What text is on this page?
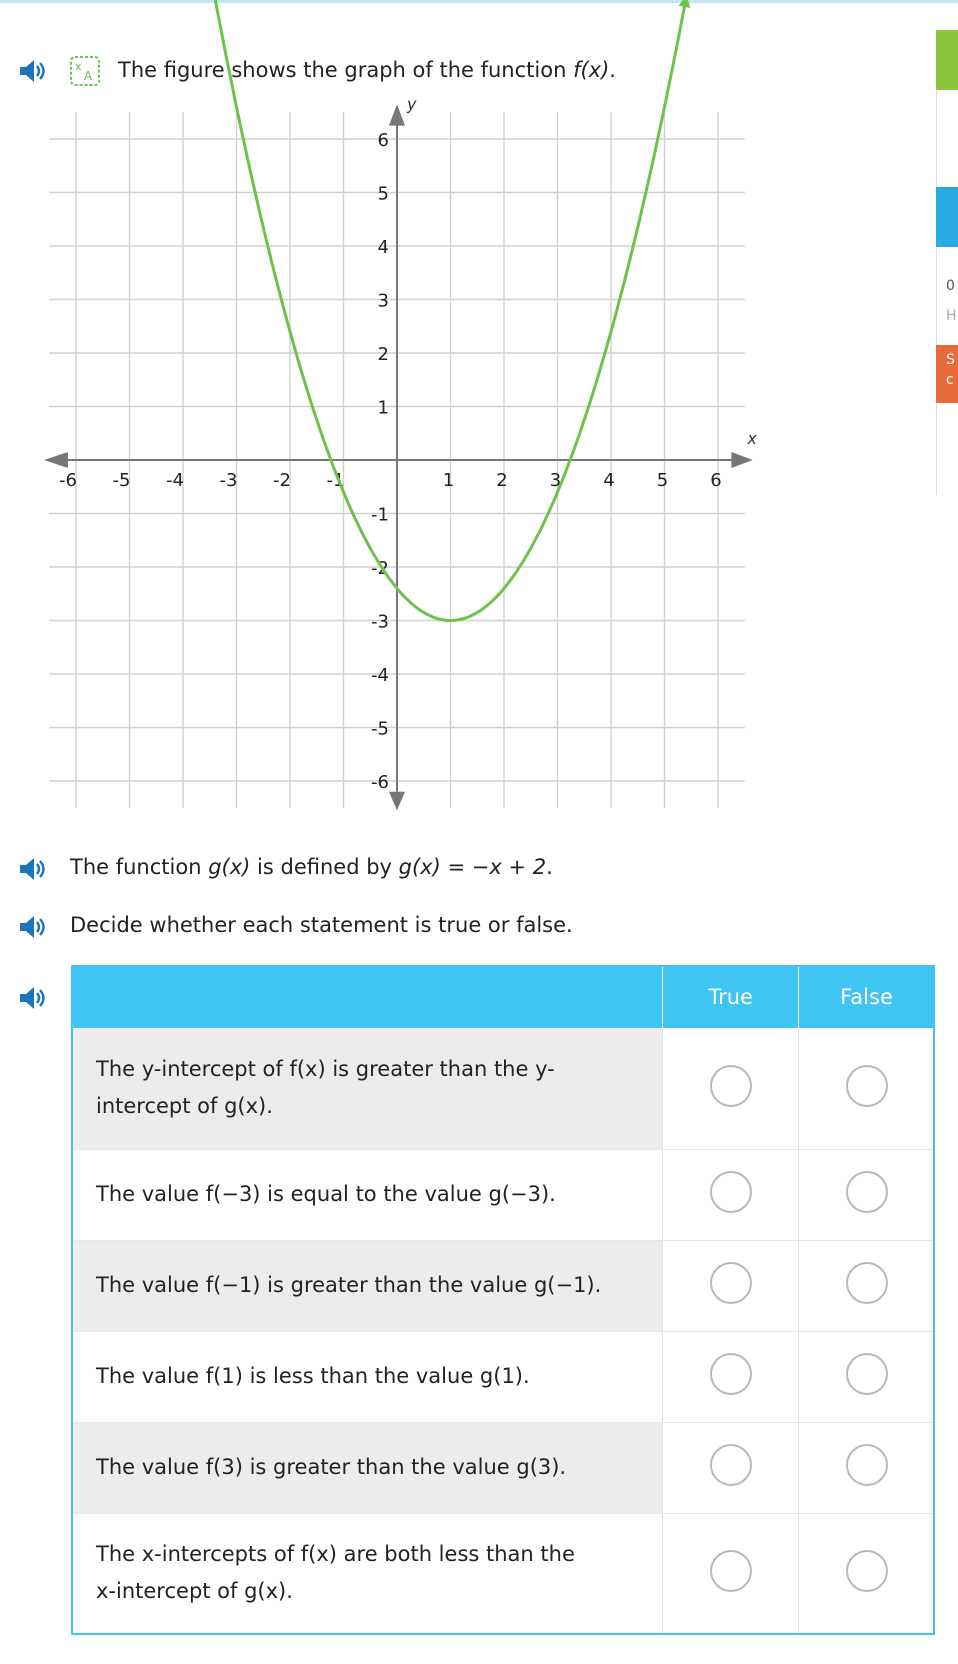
x
A The figure shows the graph of the function f(x).
x
y
-6 -5 -4 -3 -2 -1	1 2 3 4 5 6
6
5
4
3
2
1
-1
-2
-3
-4
-5
-6
The function g(x) is defined by g(x) = −x + 2.
Decide whether each statement is true or false.
	True	False

The y-intercept of f(x) is greater than the y-
intercept of g(x).		

The value f(−3) is equal to the value g(−3).		

The value f(−1) is greater than the value g(−1).		

The value f(1) is less than the value g(1).		

The value f(3) is greater than the value g(3).		

The x-intercepts of f(x) are both less than the
x-intercept of g(x).		

0
H
S
c
